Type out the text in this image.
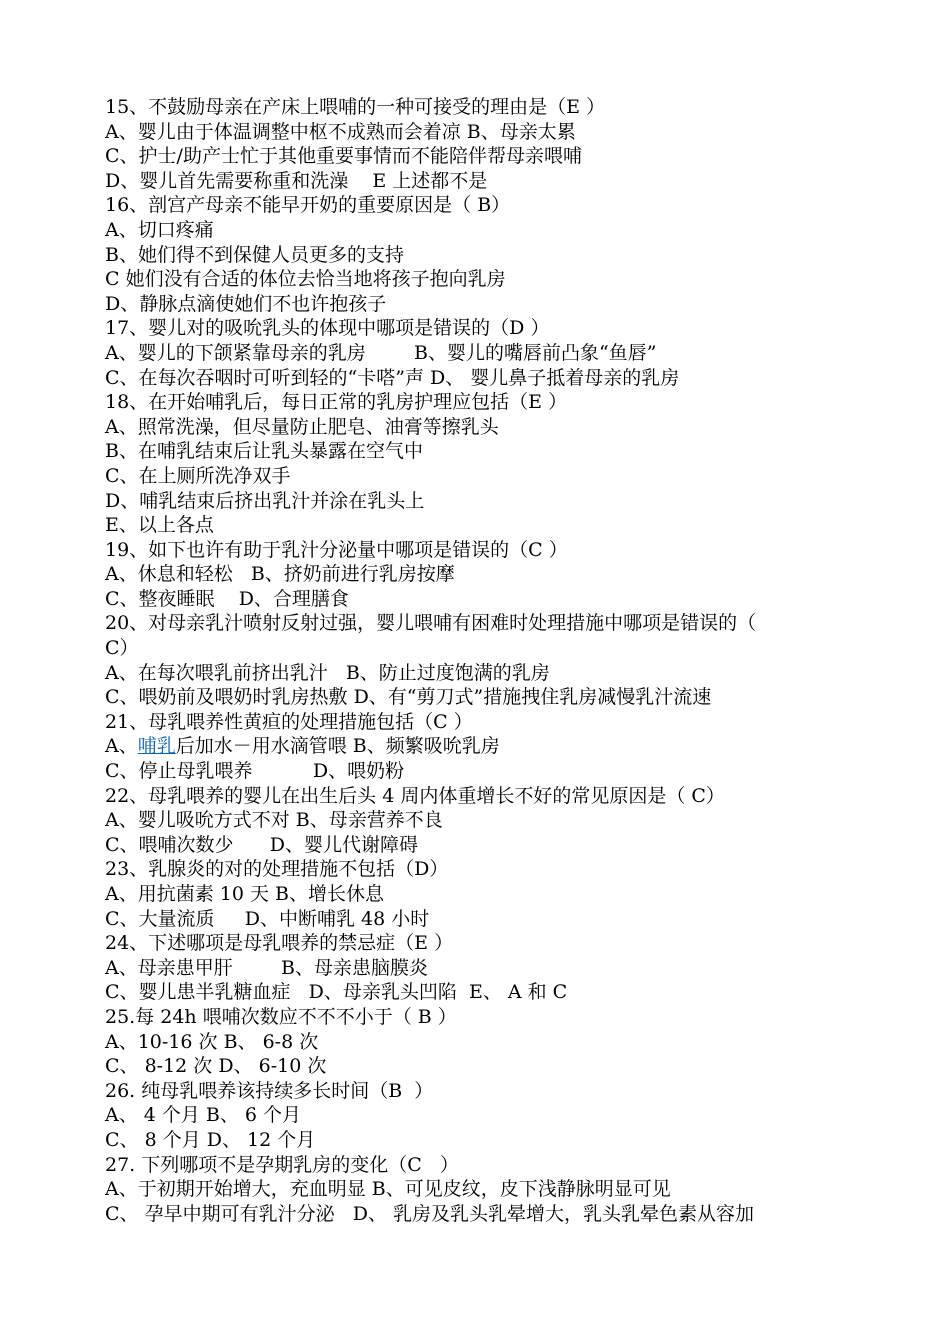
15、不鼓励母亲在产床上喂哺的一种可接受的理由是（E ）
A、婴儿由于体温调整中枢不成熟而会着凉 B、母亲太累
C、护士/助产士忙于其他重要事情而不能陪伴帮母亲喂哺
D、婴儿首先需要称重和洗澡    E 上述都不是
16、剖宫产母亲不能早开奶的重要原因是（ B）
A、切口疼痛
B、她们得不到保健人员更多的支持
C 她们没有合适的体位去恰当地将孩子抱向乳房
D、静脉点滴使她们不也许抱孩子
17、婴儿对的吸吮乳头的体现中哪项是错误的（D ）
A、婴儿的下颌紧靠母亲的乳房        B、婴儿的嘴唇前凸象“鱼唇”
C、在每次吞咽时可听到轻的“卡嗒”声 D、 婴儿鼻子抵着母亲的乳房
18、在开始哺乳后，每日正常的乳房护理应包括（E ）
A、照常洗澡，但尽量防止肥皂、油膏等擦乳头
B、在哺乳结束后让乳头暴露在空气中
C、在上厕所洗净双手
D、哺乳结束后挤出乳汁并涂在乳头上
E、以上各点
19、如下也许有助于乳汁分泌量中哪项是错误的（C ）
A、休息和轻松   B、挤奶前进行乳房按摩
C、整夜睡眠    D、合理膳食
20、对母亲乳汁喷射反射过强，婴儿喂哺有困难时处理措施中哪项是错误的（
C）
A、在每次喂乳前挤出乳汁   B、防止过度饱满的乳房
C、喂奶前及喂奶时乳房热敷 D、有“剪刀式”措施拽住乳房减慢乳汁流速
21、母乳喂养性黄疸的处理措施包括（C ）
A、哺乳后加水－用水滴管喂 B、频繁吸吮乳房
C、停止母乳喂养          D、喂奶粉
22、母乳喂养的婴儿在出生后头 4 周内体重增长不好的常见原因是（ C）
A、婴儿吸吮方式不对 B、母亲营养不良
C、喂哺次数少      D、婴儿代谢障碍
23、乳腺炎的对的处理措施不包括（D）
A、用抗菌素 10 天 B、增长休息
C、大量流质     D、中断哺乳 48 小时
24、下述哪项是母乳喂养的禁忌症（E ）
A、母亲患甲肝        B、母亲患脑膜炎
C、婴儿患半乳糖血症   D、母亲乳头凹陷  E、 A 和 C
25.每 24h 喂哺次数应不不不小于（ B ）
A、10-16 次 B、 6-8 次
C、 8-12 次 D、 6-10 次
26. 纯母乳喂养该持续多长时间（B  ）
A、 4 个月 B、 6 个月
C、 8 个月 D、 12 个月
27. 下列哪项不是孕期乳房的变化（C   ）
A、于初期开始增大，充血明显 B、可见皮纹，皮下浅静脉明显可见
C、 孕早中期可有乳汁分泌   D、 乳房及乳头乳晕增大，乳头乳晕色素从容加
